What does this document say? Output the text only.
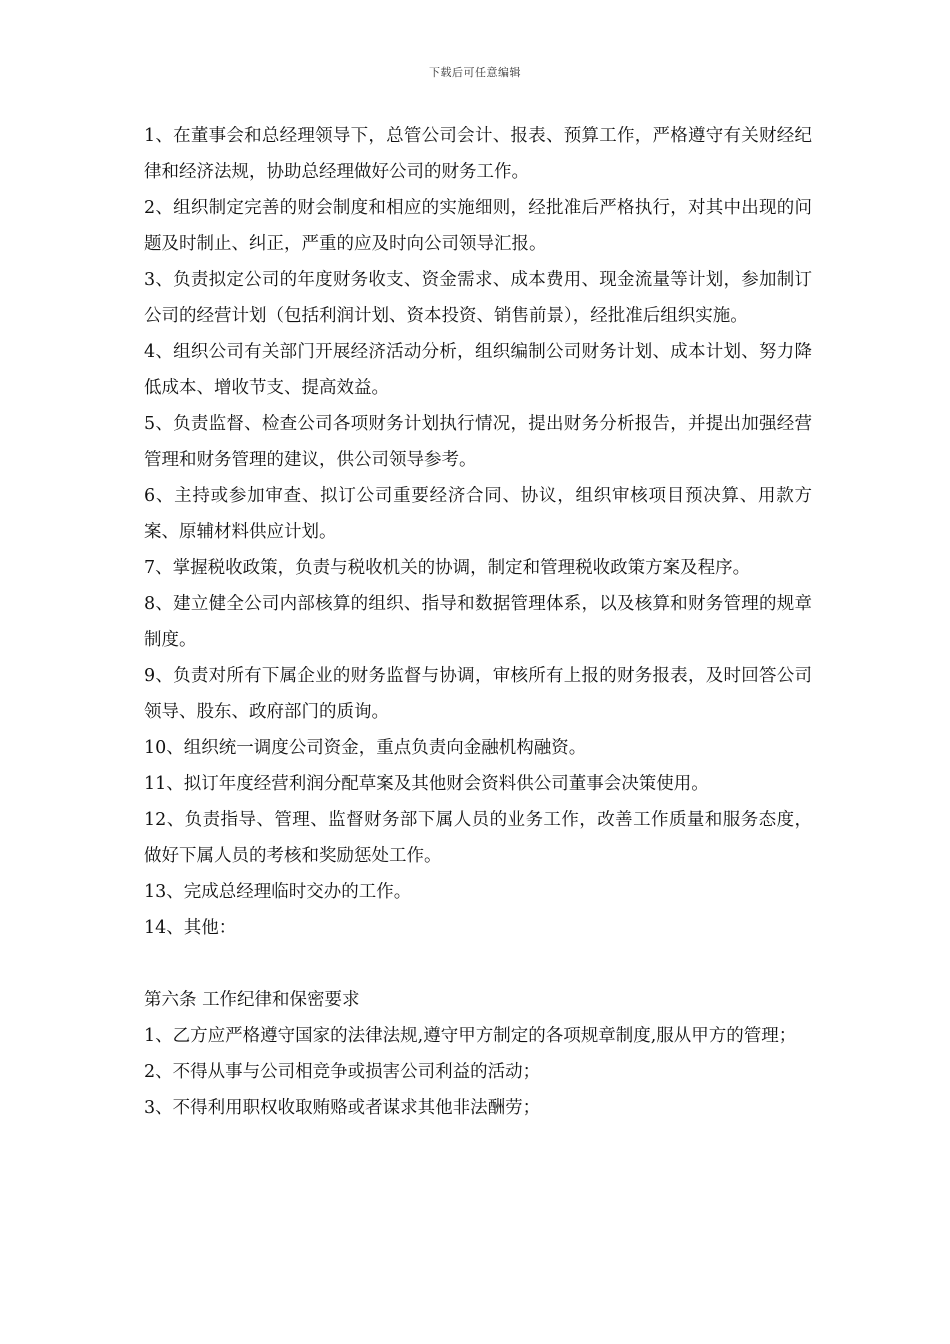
下载后可任意编辑

1、在董事会和总经理领导下，总管公司会计、报表、预算工作，严格遵守有关财经纪律和经济法规，协助总经理做好公司的财务工作。

2、组织制定完善的财会制度和相应的实施细则，经批准后严格执行，对其中出现的问题及时制止、纠正，严重的应及时向公司领导汇报。

3、负责拟定公司的年度财务收支、资金需求、成本费用、现金流量等计划，参加制订公司的经营计划（包括利润计划、资本投资、销售前景），经批准后组织实施。

4、组织公司有关部门开展经济活动分析，组织编制公司财务计划、成本计划、努力降低成本、增收节支、提高效益。

5、负责监督、检查公司各项财务计划执行情况，提出财务分析报告，并提出加强经营管理和财务管理的建议，供公司领导参考。

6、主持或参加审查、拟订公司重要经济合同、协议，组织审核项目预决算、用款方案、原辅材料供应计划。

7、掌握税收政策，负责与税收机关的协调，制定和管理税收政策方案及程序。

8、建立健全公司内部核算的组织、指导和数据管理体系，以及核算和财务管理的规章制度。

9、负责对所有下属企业的财务监督与协调，审核所有上报的财务报表，及时回答公司领导、股东、政府部门的质询。

10、组织统一调度公司资金，重点负责向金融机构融资。

11、拟订年度经营利润分配草案及其他财会资料供公司董事会决策使用。

12、负责指导、管理、监督财务部下属人员的业务工作，改善工作质量和服务态度，做好下属人员的考核和奖励惩处工作。

13、完成总经理临时交办的工作。

14、其他：

第六条 工作纪律和保密要求

1、乙方应严格遵守国家的法律法规,遵守甲方制定的各项规章制度,服从甲方的管理；

2、不得从事与公司相竞争或损害公司利益的活动；

3、不得利用职权收取贿赂或者谋求其他非法酬劳；
